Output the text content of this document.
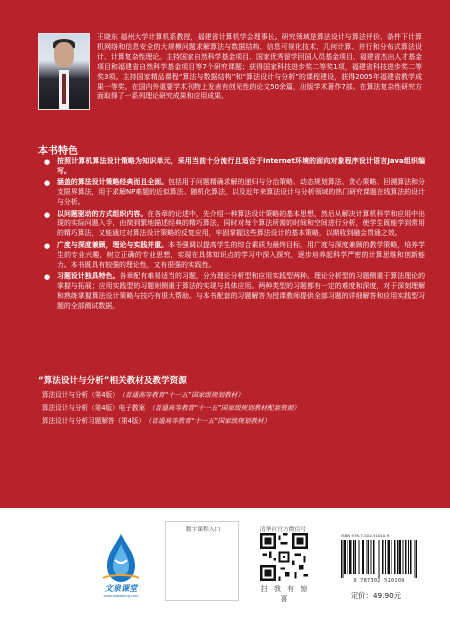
王晓东 福州大学计算机系教授，福建省计算机学会理事长。研究领域是算法设计与算法评价、条件下计算机网络和信息安全的大规模问题求解算法与数据结构、信息可视化技术、几何计算、并行和分布式算法设计、计算复杂性理论。主持国家自然科学基金项目、国家优秀留学回国人员基金项目、福建省杰出人才基金项目和福建省自然科学基金项目等7个研究课题；获得国家科技进步奖二等奖1项，福建省科技进步奖二等奖3项。主持国家精品课程“算法与数据结构”和“算法设计与分析”的课程建设，获得2005年福建省教学成果一等奖。在国内外重要学术刊物上发表有创见性的论文50余篇，出版学术著作7部。在算法复杂性研究方面取得了一系列理论研究成果和应用成果。

本书特色

● 按照计算机算法设计策略为知识单元，采用当前十分流行且适合于Internet环境的面向对象程序设计语言Java组织编写。

● 涵盖的算法设计策略经典而且全面。包括用于问题精确求解的递归与分治策略、动态规划算法、贪心策略、回溯算法和分支限界算法，用于求解NP难题的近似算法、随机化算法，以及近年来算法设计与分析领域的热门研究课题在线算法的设计与分析。

● 以问题驱动的方式组织内容。在各章的论述中，先介绍一种算法设计策略的基本思想，然后从解决计算机科学和应用中出现的实际问题入手，由简到繁地描述经典的精巧算法，同时对每个算法所需的时间和空间进行分析，使学生既能学到常用的精巧算法，又能通过对算法设计策略的反复应用，牢固掌握这些算法设计的基本策略，以期收到融会贯通之效。

● 广度与深度兼顾，理论与实践并重。本书强调以提高学生的综合素质为最终目标，用广度与深度兼顾的教学策略，培养学生的专业兴趣，树立正确的专业思想，实现在具体知识点的学习中深入探究，逐步培养起科学严密的计算思维和创新能力。本书既具有较强的理论性，又有很强的实践性。

● 习题设计独具特色。各章配有难易适当的习题，分为理论分析型和应用实践型两种。理论分析型的习题侧重于算法理论的掌握与拓展；应用实践型的习题则侧重于算法的实现与具体应用。两种类型的习题都有一定的难度和深度，对于深刻理解和熟练掌握算法设计策略与技巧有很大帮助。与本书配套的习题解答为授课教师提供全部习题的详细解答和应用实践型习题的全部测试数据。

“算法设计与分析”相关教材及教学资源

算法设计与分析（第4版） （普通高等教育“十一五”国家级规划教材）

算法设计与分析（第4版）电子教案 （普通高等教育“十一五”国家级规划教材配套资源）

算法设计与分析习题解答（第4版） （普通高等教育“十一五”国家级规划教材）

文泉课堂
www.wqketang.com
数字课程入口	清华社官方微信号
扫 我 有 惊 喜
ISBN 978-7-302-51010-9
9 787302 510109
定价：49.90元
